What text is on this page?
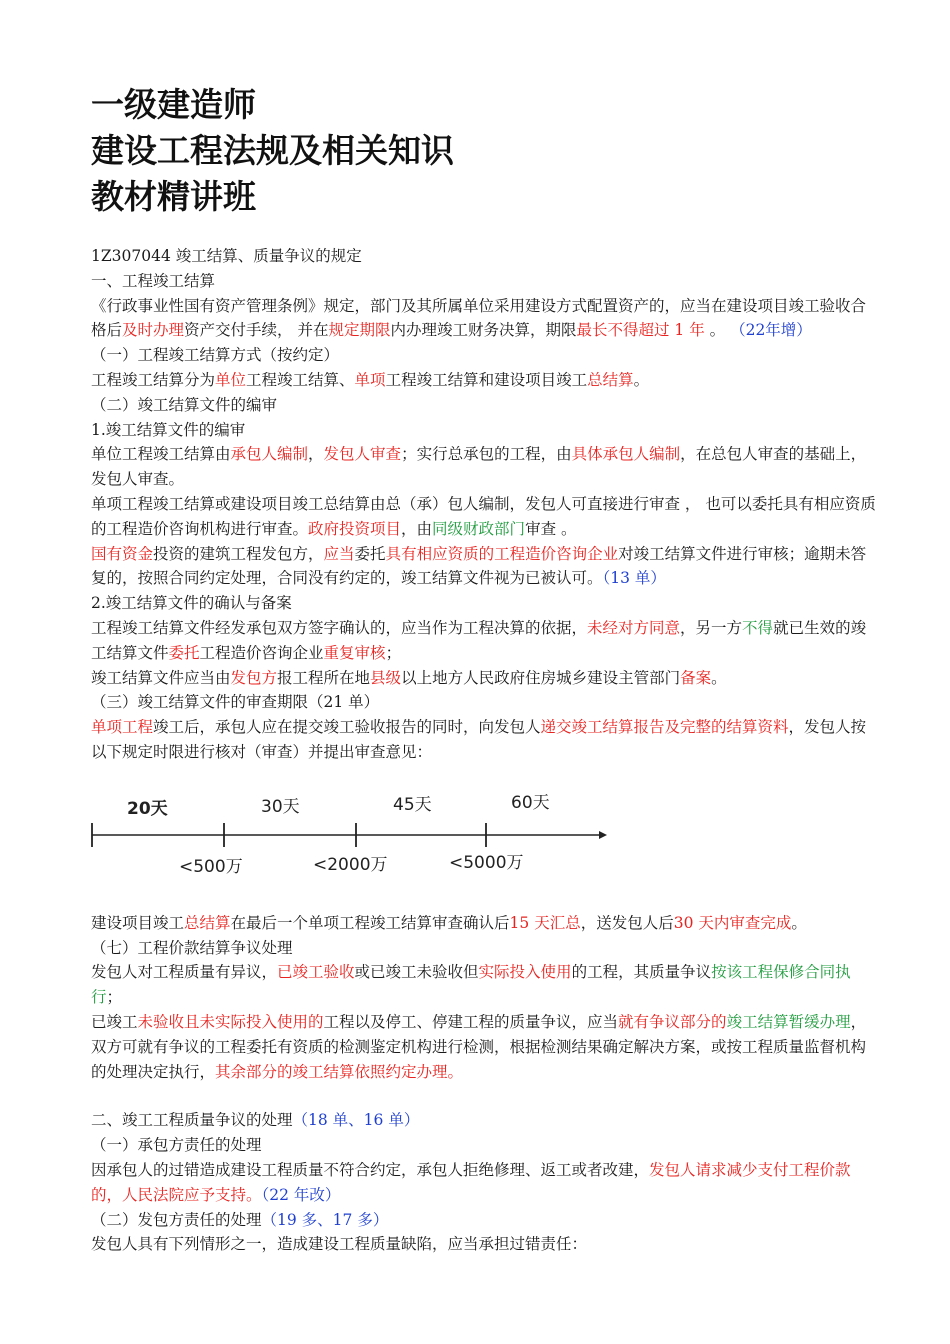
一级建造师
建设工程法规及相关知识
教材精讲班

1Z307044 竣工结算、质量争议的规定

一、工程竣工结算

《行政事业性国有资产管理条例》规定，部门及其所属单位采用建设方式配置资产的，应当在建设项目竣工验收合格后及时办理资产交付手续， 并在规定期限内办理竣工财务决算，期限最长不得超过 1 年 。 （22年增）

（一）工程竣工结算方式（按约定）

工程竣工结算分为单位工程竣工结算、单项工程竣工结算和建设项目竣工总结算。

（二）竣工结算文件的编审

1.竣工结算文件的编审

单位工程竣工结算由承包人编制，发包人审查；实行总承包的工程，由具体承包人编制，在总包人审查的基础上，发包人审查。

单项工程竣工结算或建设项目竣工总结算由总（承）包人编制，发包人可直接进行审查 ， 也可以委托具有相应资质的工程造价咨询机构进行审查。政府投资项目，由同级财政部门审查 。

国有资金投资的建筑工程发包方，应当委托具有相应资质的工程造价咨询企业对竣工结算文件进行审核；逾期未答复的，按照合同约定处理，合同没有约定的，竣工结算文件视为已被认可。（13 单）

2.竣工结算文件的确认与备案

工程竣工结算文件经发承包双方签字确认的，应当作为工程决算的依据，未经对方同意，另一方不得就已生效的竣工结算文件委托工程造价咨询企业重复审核；

竣工结算文件应当由发包方报工程所在地县级以上地方人民政府住房城乡建设主管部门备案。

（三）竣工结算文件的审查期限（21 单）

单项工程竣工后，承包人应在提交竣工验收报告的同时，向发包人递交竣工结算报告及完整的结算资料，发包人按以下规定时限进行核对（审查）并提出审查意见：

20天	30天	45天	60天
<500万	<2000万	<5000万

建设项目竣工总结算在最后一个单项工程竣工结算审查确认后15 天汇总，送发包人后30 天内审查完成。

（七）工程价款结算争议处理

发包人对工程质量有异议，已竣工验收或已竣工未验收但实际投入使用的工程，其质量争议按该工程保修合同执行；

已竣工未验收且未实际投入使用的工程以及停工、停建工程的质量争议，应当就有争议部分的竣工结算暂缓办理，双方可就有争议的工程委托有资质的检测鉴定机构进行检测，根据检测结果确定解决方案，或按工程质量监督机构的处理决定执行，其余部分的竣工结算依照约定办理。

二、竣工工程质量争议的处理（18 单、16 单）

（一）承包方责任的处理

因承包人的过错造成建设工程质量不符合约定，承包人拒绝修理、返工或者改建，发包人请求减少支付工程价款的，人民法院应予支持。（22 年改）

（二）发包方责任的处理（19 多、17 多）

发包人具有下列情形之一，造成建设工程质量缺陷，应当承担过错责任：
